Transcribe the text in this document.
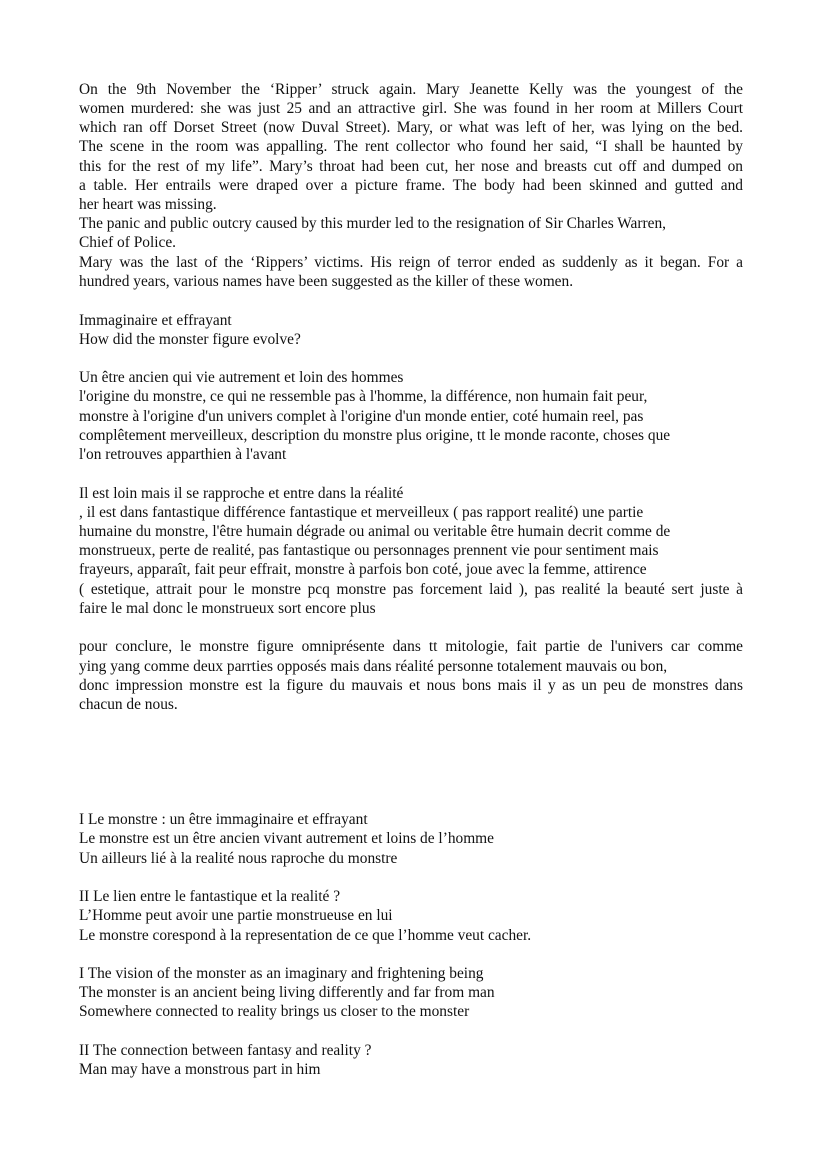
On the 9th November the ‘Ripper’ struck again. Mary Jeanette Kelly was the youngest of the
women murdered: she was just 25 and an attractive girl. She was found in her room at Millers Court
which ran off Dorset Street (now Duval Street). Mary, or what was left of her, was lying on the bed.
The scene in the room was appalling. The rent collector who found her said, “I shall be haunted by
this for the rest of my life”. Mary’s throat had been cut, her nose and breasts cut off and dumped on
a table. Her entrails were draped over a picture frame. The body had been skinned and gutted and
her heart was missing.
The panic and public outcry caused by this murder led to the resignation of Sir Charles Warren,
Chief of Police.
Mary was the last of the ‘Rippers’ victims. His reign of terror ended as suddenly as it began. For a
hundred years, various names have been suggested as the killer of these women.
Immaginaire et effrayant
How did the monster figure evolve?
Un être ancien qui vie autrement et loin des hommes
l'origine du monstre, ce qui ne ressemble pas à l'homme, la différence, non humain fait peur,
monstre à l'origine d'un univers complet à l'origine d'un monde entier, coté humain reel, pas
complêtement merveilleux, description du monstre plus origine, tt le monde raconte, choses que
l'on retrouves apparthien à l'avant
Il est loin mais il se rapproche et entre dans la réalité
, il est dans fantastique différence fantastique et merveilleux ( pas rapport realité) une partie
humaine du monstre, l'être humain dégrade ou animal ou veritable être humain decrit comme de
monstrueux, perte de realité, pas fantastique ou personnages prennent vie pour sentiment mais
frayeurs, apparaît, fait peur effrait, monstre à parfois bon coté, joue avec la femme, attirence
( estetique, attrait pour le monstre pcq monstre pas forcement laid ), pas realité la beauté sert juste à
faire le mal donc le monstrueux sort encore plus
pour conclure, le monstre figure omniprésente dans tt mitologie, fait partie de l'univers car comme
ying yang comme deux parrties opposés mais dans réalité personne totalement mauvais ou bon,
donc impression monstre est la figure du mauvais et nous bons mais il y as un peu de monstres dans
chacun de nous.
I Le monstre : un être immaginaire et effrayant
Le monstre est un être ancien vivant autrement et loins de l’homme
Un ailleurs lié à la realité nous raproche du monstre
II Le lien entre le fantastique et la realité ?
L’Homme peut avoir une partie monstrueuse en lui
Le monstre corespond à la representation de ce que l’homme veut cacher.
I The vision of the monster as an imaginary and frightening being
The monster is an ancient being living differently and far from man
Somewhere connected to reality brings us closer to the monster
II The connection between fantasy and reality ?
Man may have a monstrous part in him
